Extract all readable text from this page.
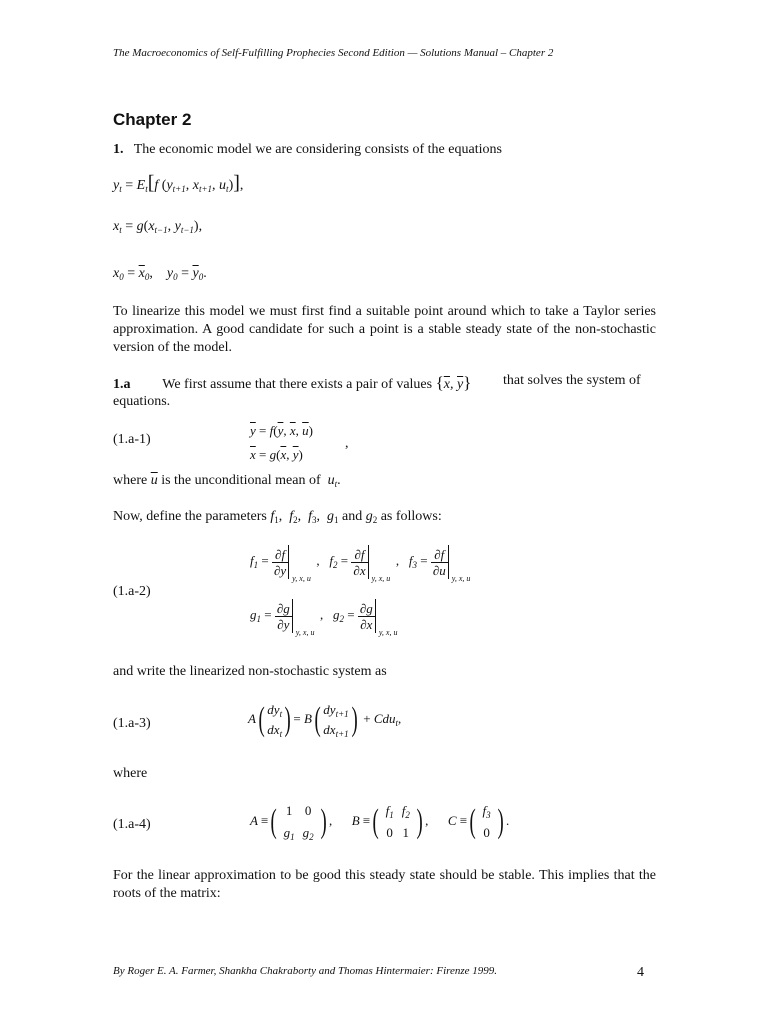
The Macroeconomics of Self-Fulfilling Prophecies Second Edition — Solutions Manual – Chapter 2
Chapter 2
1. The economic model we are considering consists of the equations
$y_t = E_t[f$ ($y_{t+1}$, $x_{t+1}$, $u_t$)],
$x_t = g(x_{t-1}$, $y_{t-1}$),
$x_0 = \overline{x}_0$,    $y_0 = \overline{y}_0$.
To linearize this model we must first find a suitable point around which to take a Taylor series approximation. A good candidate for such a point is a stable steady state of the non-stochastic version of the model.
1.a We first assume that there exists a pair of values {$\overline{x}$, $\overline{y}$} that solves the system of
equations.
(1.a-1)
$\overline{y} = f(\overline{y}$, $\overline{x}$, $\overline{u}$)
$\overline{x} = g(\overline{x}$, $\overline{y}$)
,
where $\overline{u}$ is the unconditional mean of  $u_t$.
Now, define the parameters $f_1$,  $f_2$,  $f_3$,  $g_1$ and $g_2$ as follows:
(1.a-2)
$f_1 = \frac{\partial f}{\partial y}$
y, x, u
,   $f_2 = \frac{\partial f}{\partial x}$
y, x, u
,   $f_3 = \frac{\partial f}{\partial u}$
y, x, u
$g_1 = \frac{\partial g}{\partial y}$
y, x, u
,   $g_2 = \frac{\partial g}{\partial x}$
y, x, u
and write the linearized non-stochastic system as
(1.a-3)	A( $dy_t$
$dx_t) = B$( $dy_{t+1}$
$dx_{t+1}) + Cdu_t$,
where
(1.a-4)	A ≡( 1	0
$g_1$	$g_2$ ) ,      B ≡( $f_1$	$f_2$
0	1 ) ,      C ≡( $f_3$
0 ) .
For the linear approximation to be good this steady state should be stable. This implies that the roots of the matrix:
By Roger E. A. Farmer, Shankha Chakraborty and Thomas Hintermaier: Firenze 1999.	4
